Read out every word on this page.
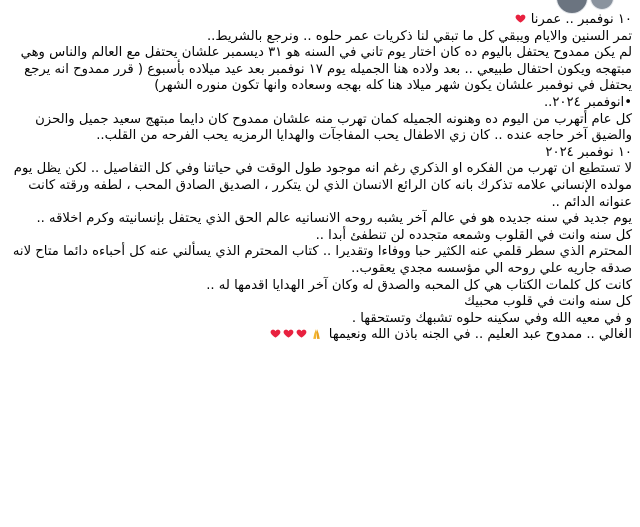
١٠ نوفمبر .. عمرنا

تمر السنين والايام ويبقي كل ما تبقي لنا ذكريات عمر حلوه .. ونرجع بالشريط..

لم يكن ممدوح يحتفل باليوم ده كان اختار يوم تاني في السنه هو ٣١ ديسمبر علشان يحتفل مع العالم والناس وهي مبتهجه ويكون احتفال طبيعي .. بعد ولاده هنا الجميله يوم ١٧ نوفمبر بعد عيد ميلاده بأسبوع ( قرر ممدوح انه يرجع يحتفل في نوفمبر علشان يكون شهر ميلاد هنا كله بهجه وسعاده وانها تكون منوره الشهر)

•انوفمبر ٢٠٢٤..

كل عام أتهرب من اليوم ده وهنونه الجميله كمان تهرب منه علشان ممدوح كان دايما مبتهج سعيد جميل والحزن والضيق آخر حاجه عنده .. كان زي الاطفال يحب المفاجآت والهدايا الرمزيه يحب الفرحه من القلب..

١٠ نوفمبر ٢٠٢٤

لا تستطيع ان تهرب من الفكره او الذكري رغم انه موجود طول الوقت في حياتنا وفي كل التفاصيل .. لكن يظل يوم مولده الإنساني علامه تذكرك بانه كان الرائع الانسان الذي لن يتكرر ، الصديق الصادق المحب ، لطفه ورقته كانت عنوانه الدائم ..

يوم جديد في سنه جديده هو في عالم آخر يشبه روحه الانسانيه عالم الحق الذي يحتفل بإنسانيته وكرم اخلاقه ..

كل سنه وانت في القلوب وشمعه متجدده لن تنطفئ أبدا ..

المحترم الذي سطر قلمي عنه الكثير حبا ووفاءا وتقديرا .. كتاب المحترم الذي يسألني عنه كل أحباءه دائما متاح لانه صدقه جاريه علي روحه الي مؤسسه مجدي يعقوب..

كانت كل كلمات الكتاب هي كل المحبه والصدق له وكان آخر الهدايا اقدمها له ..

كل سنه وانت في قلوب محبيك

و في معيه الله وفي سكينه حلوه تشبهك وتستحقها .

الغالي .. ممدوح عبد العليم .. في الجنه باذن الله ونعيمها
